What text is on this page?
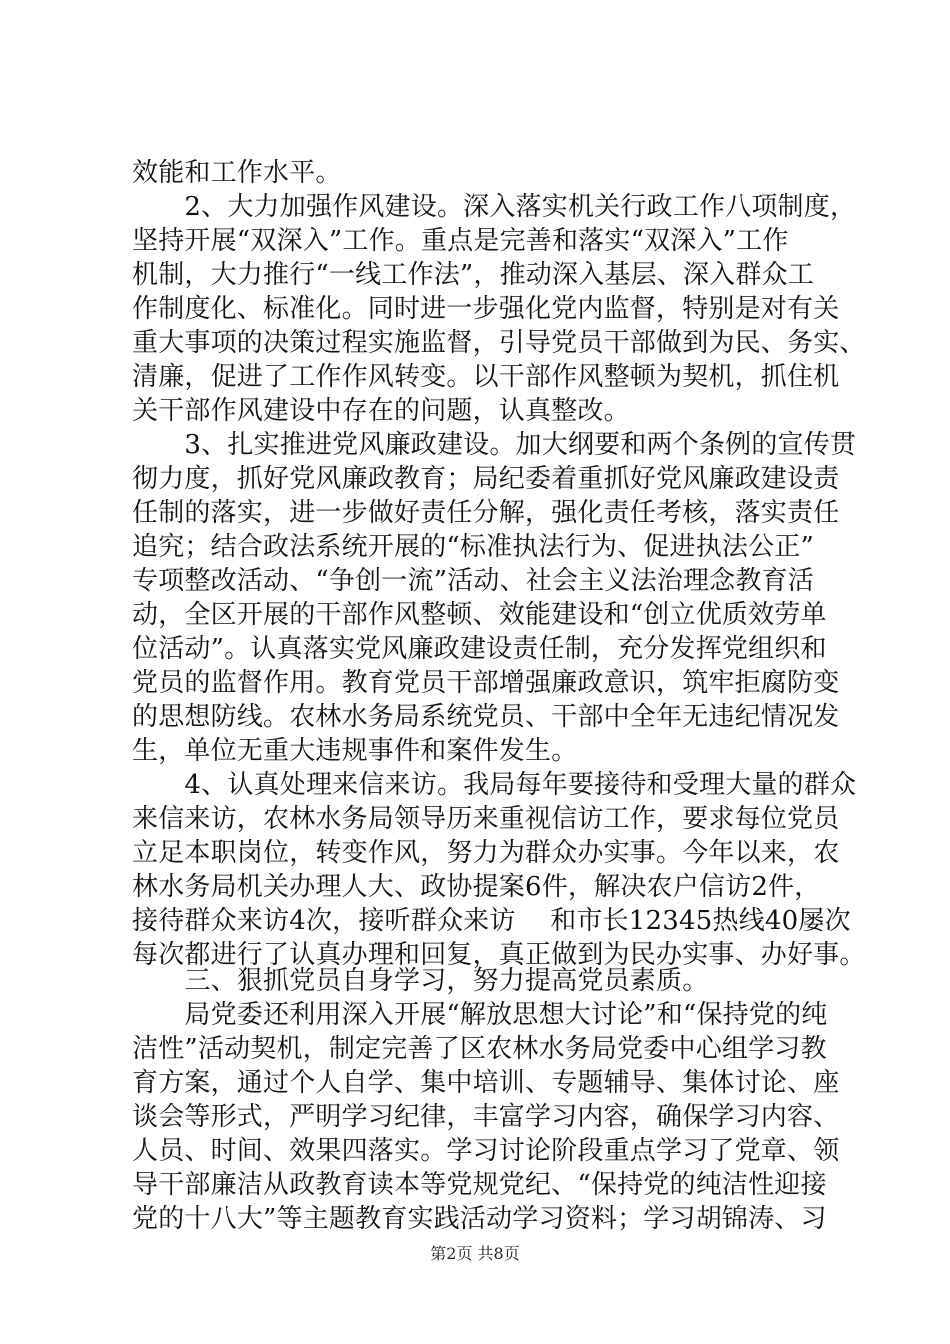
效能和工作水平。
　　2、大力加强作风建设。深入落实机关行政工作八项制度，
坚持开展“双深入”工作。重点是完善和落实“双深入”工作
机制，大力推行“一线工作法”，推动深入基层、深入群众工
作制度化、标准化。同时进一步强化党内监督，特别是对有关
重大事项的决策过程实施监督，引导党员干部做到为民、务实、
清廉，促进了工作作风转变。以干部作风整顿为契机，抓住机
关干部作风建设中存在的问题，认真整改。
　　3、扎实推进党风廉政建设。加大纲要和两个条例的宣传贯
彻力度，抓好党风廉政教育；局纪委着重抓好党风廉政建设责
任制的落实，进一步做好责任分解，强化责任考核，落实责任
追究；结合政法系统开展的“标准执法行为、促进执法公正”
专项整改活动、“争创一流”活动、社会主义法治理念教育活
动，全区开展的干部作风整顿、效能建设和“创立优质效劳单
位活动”。认真落实党风廉政建设责任制，充分发挥党组织和
党员的监督作用。教育党员干部增强廉政意识，筑牢拒腐防变
的思想防线。农林水务局系统党员、干部中全年无违纪情况发
生，单位无重大违规事件和案件发生。
　　4、认真处理来信来访。我局每年要接待和受理大量的群众
来信来访，农林水务局领导历来重视信访工作，要求每位党员
立足本职岗位，转变作风，努力为群众办实事。今年以来，农
林水务局机关办理人大、政协提案6件，解决农户信访2件，
接待群众来访4次，接听群众来访　 和市长12345热线40屡次
每次都进行了认真办理和回复，真正做到为民办实事、办好事。
　　三、狠抓党员自身学习，努力提高党员素质。
　　局党委还利用深入开展“解放思想大讨论”和“保持党的纯
洁性”活动契机，制定完善了区农林水务局党委中心组学习教
育方案，通过个人自学、集中培训、专题辅导、集体讨论、座
谈会等形式，严明学习纪律，丰富学习内容，确保学习内容、
人员、时间、效果四落实。学习讨论阶段重点学习了党章、领
导干部廉洁从政教育读本等党规党纪、“保持党的纯洁性迎接
党的十八大”等主题教育实践活动学习资料；学习胡锦涛、习
第2页 共8页
